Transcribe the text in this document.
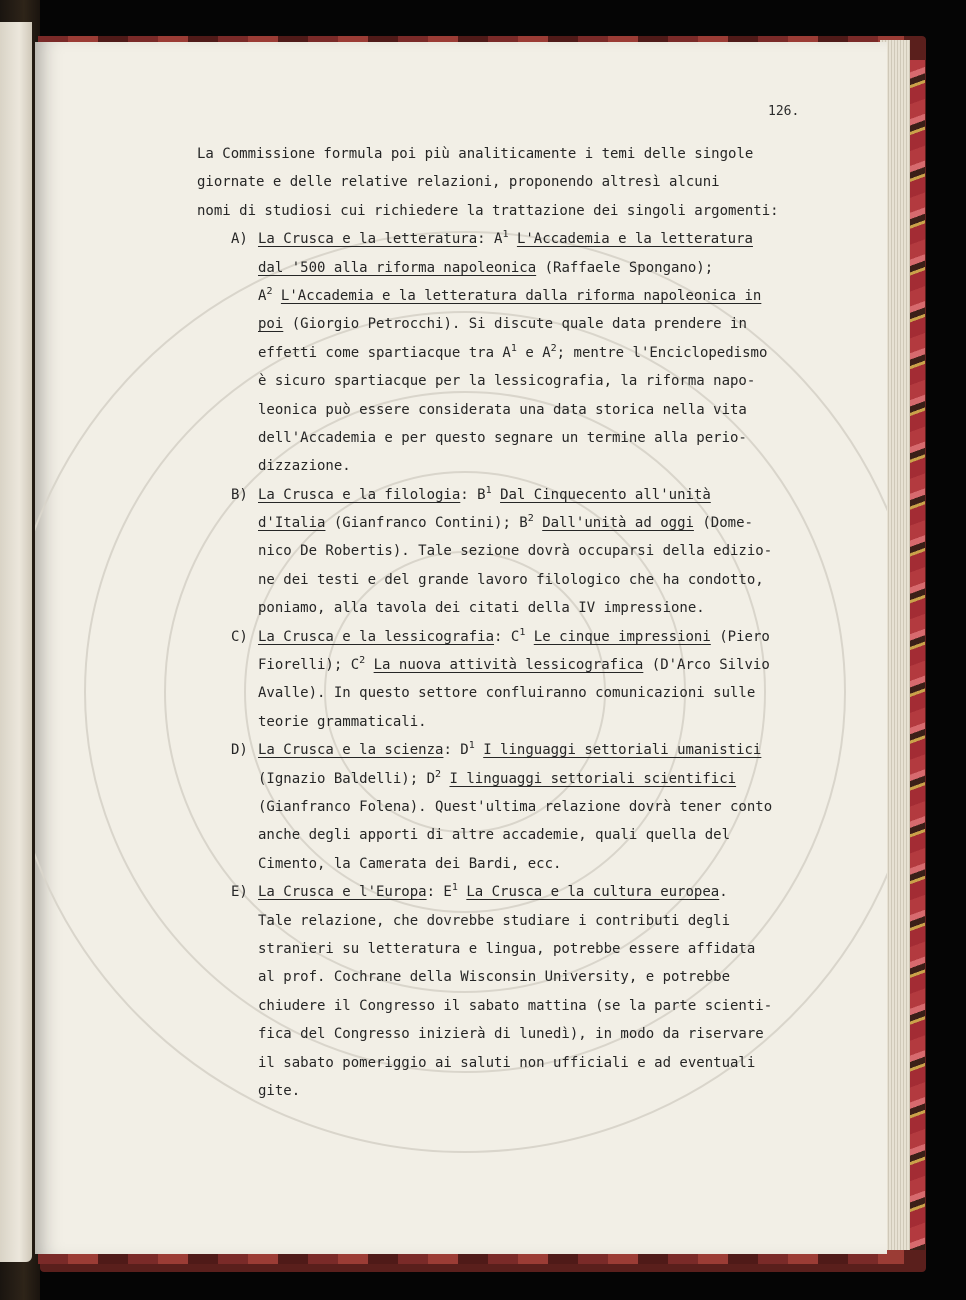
126.
La Commissione formula poi più analiticamente i temi delle singole
giornate e delle relative relazioni, proponendo altresì alcuni
nomi di studiosi cui richiedere la trattazione dei singoli argomenti:
A) La Crusca e la letteratura: $A^1$ L'Accademia e la letteratura
dal '500 alla riforma napoleonica (Raffaele Spongano);
$A^2$ L'Accademia e la letteratura dalla riforma napoleonica in
poi (Giorgio Petrocchi). Si discute quale data prendere in
effetti come spartiacque tra $A^1$ e $A^2$; mentre l'Enciclopedismo
è sicuro spartiacque per la lessicografia, la riforma napo-
leonica può essere considerata una data storica nella vita
dell'Accademia e per questo segnare un termine alla perio-
dizzazione.
B) La Crusca e la filologia: $B^1$ Dal Cinquecento all'unità
d'Italia (Gianfranco Contini); $B^2$ Dall'unità ad oggi (Dome-
nico De Robertis). Tale sezione dovrà occuparsi della edizio-
ne dei testi e del grande lavoro filologico che ha condotto,
poniamo, alla tavola dei citati della IV impressione.
C) La Crusca e la lessicografia: $C^1$ Le cinque impressioni (Piero
Fiorelli); $C^2$ La nuova attività lessicografica (D'Arco Silvio
Avalle). In questo settore confluiranno comunicazioni sulle
teorie grammaticali.
D) La Crusca e la scienza: $D^1$ I linguaggi settoriali umanistici
(Ignazio Baldelli); $D^2$ I linguaggi settoriali scientifici
(Gianfranco Folena). Quest'ultima relazione dovrà tener conto
anche degli apporti di altre accademie, quali quella del
Cimento, la Camerata dei Bardi, ecc.
E) La Crusca e l'Europa: $E^1$ La Crusca e la cultura europea.
Tale relazione, che dovrebbe studiare i contributi degli
stranieri su letteratura e lingua, potrebbe essere affidata
al prof. Cochrane della Wisconsin University, e potrebbe
chiudere il Congresso il sabato mattina (se la parte scienti-
fica del Congresso inizierà di lunedì), in modo da riservare
il sabato pomeriggio ai saluti non ufficiali e ad eventuali
gite.
